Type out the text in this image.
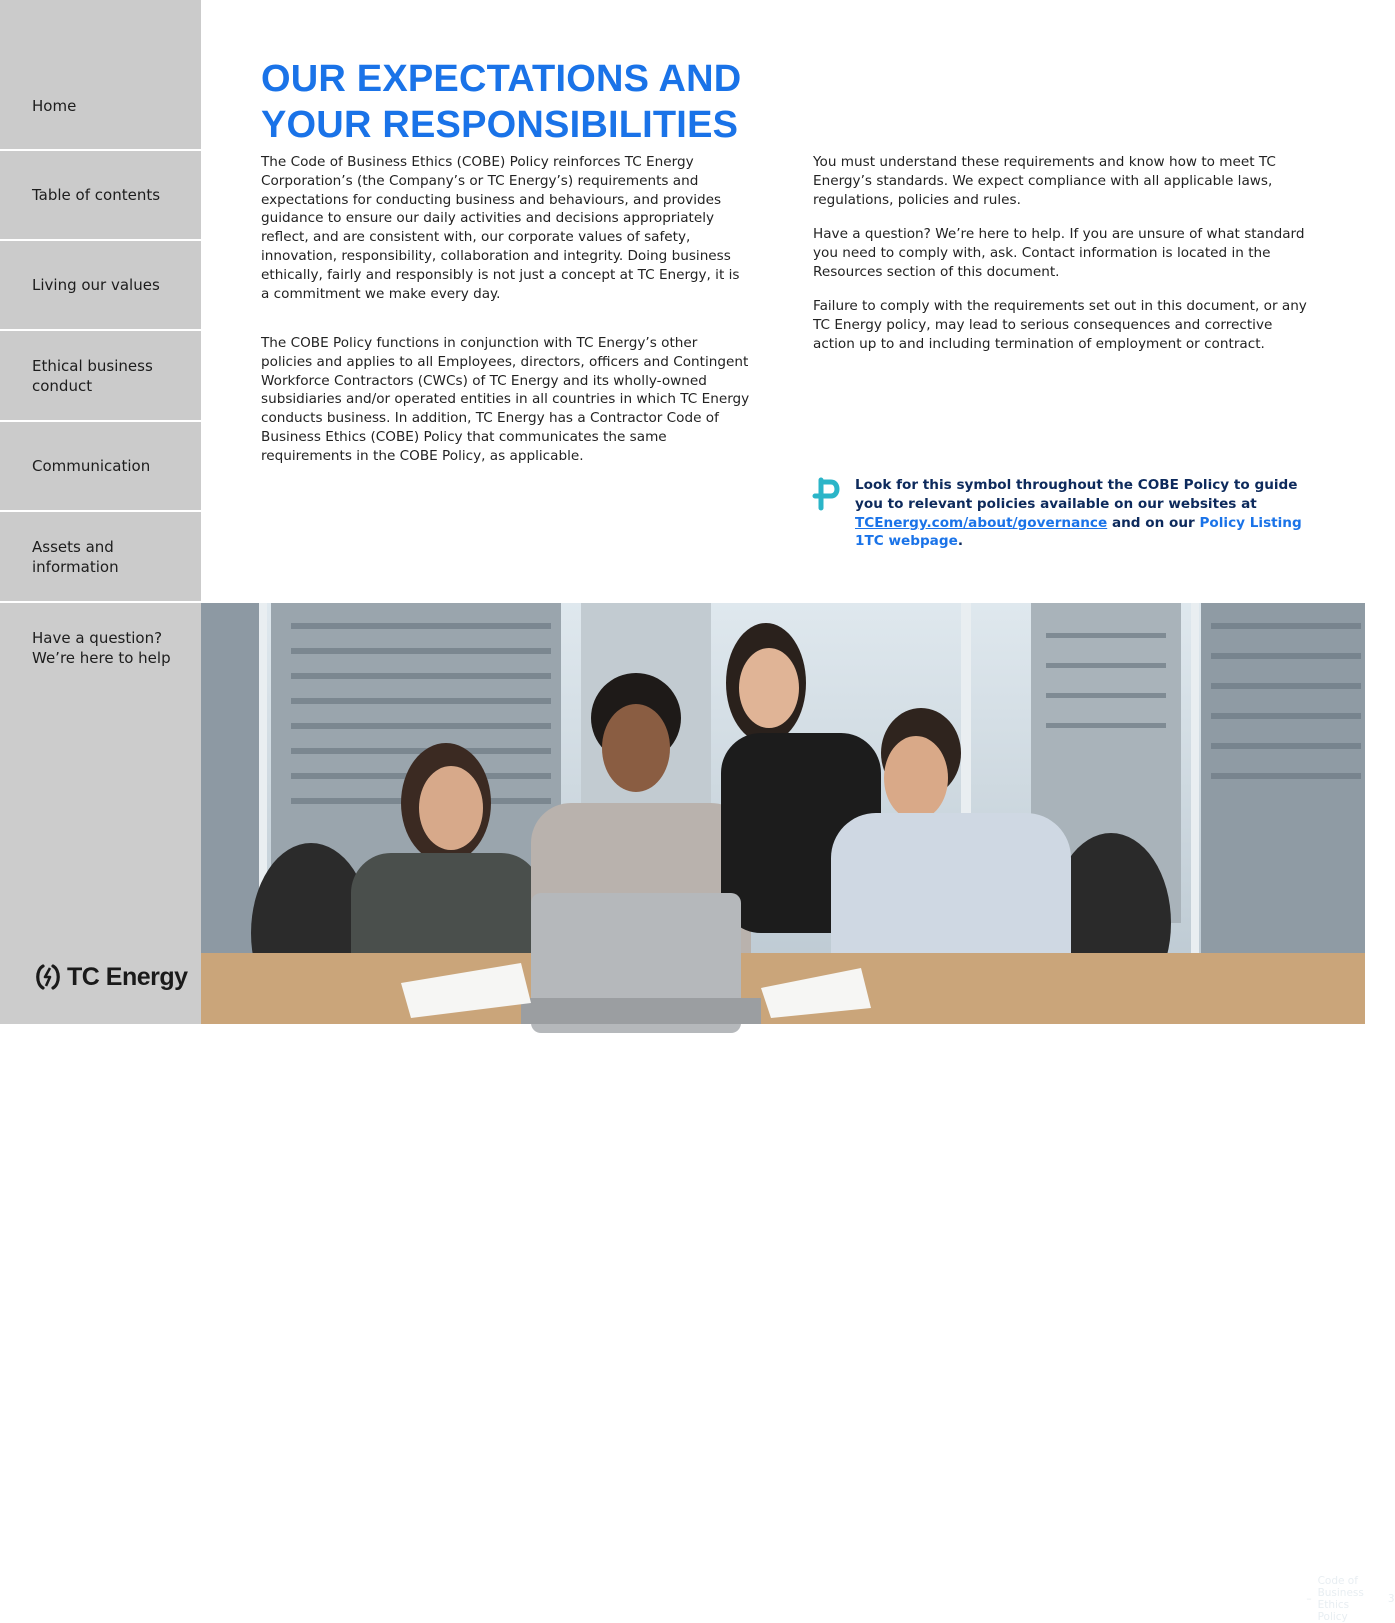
Home
Table of contents
Living our values
Ethical business
conduct
Communication
Assets and
information
Have a question?
We’re here to help
TC Energy
OUR EXPECTATIONS AND
YOUR RESPONSIBILITIES

The Code of Business Ethics (COBE) Policy reinforces TC Energy Corporation’s (the Company’s or TC Energy’s) requirements and expectations for conducting business and behaviours, and provides guidance to ensure our daily activities and decisions appropriately reflect, and are consistent with, our corporate values of safety, innovation, responsibility, collaboration and integrity. Doing business ethically, fairly and responsibly is not just a concept at TC Energy, it is a commitment we make every day.

The COBE Policy functions in conjunction with TC Energy’s other policies and applies to all Employees, directors, officers and Contingent Workforce Contractors (CWCs) of TC Energy and its wholly-owned subsidiaries and/or operated entities in all countries in which TC Energy conducts business. In addition, TC Energy has a Contractor Code of Business Ethics (COBE) Policy that communicates the same requirements in the COBE Policy, as applicable.

You must understand these requirements and know how to meet TC Energy’s standards. We expect compliance with all applicable laws, regulations, policies and rules.

Have a question? We’re here to help. If you are unsure of what standard you need to comply with, ask. Contact information is located in the Resources section of this document.

Failure to comply with the requirements set out in this document, or any TC Energy policy, may lead to serious consequences and corrective action up to and including termination of employment or contract.

Look for this symbol throughout the COBE Policy to guide you to relevant policies available on our websites at TCEnergy.com/about/governance and on our Policy Listing 1TC webpage.

TC Energy –
Code of Business Ethics Policy
3
